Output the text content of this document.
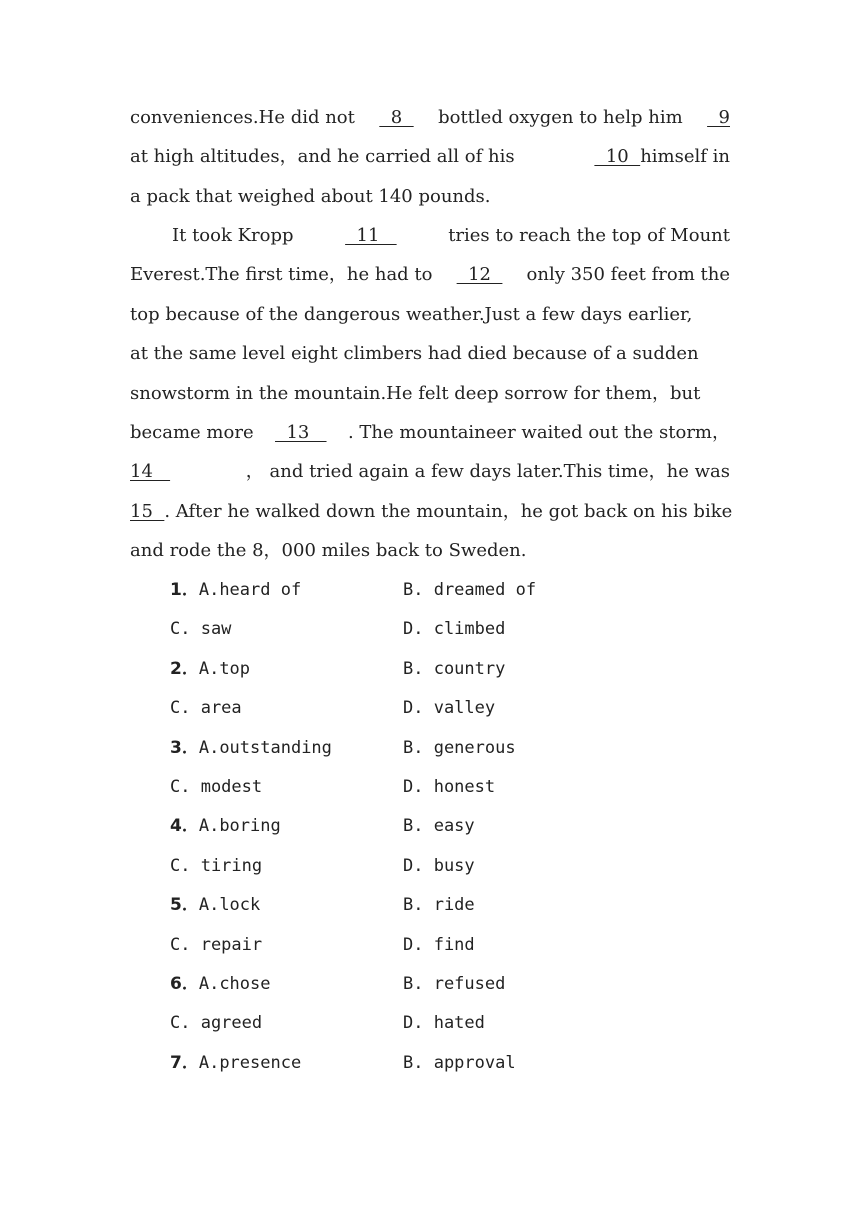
conveniences.He did not 8 bottled oxygen to help him 9
at high altitudes，and he carried all of his	10  himself in
a pack that weighed about 140 pounds.
It took Kropp	11	tries to reach the top of Mount
Everest.The first time，he had to 12 only 350 feet from the
top because of the dangerous weather.Just a few days earlier,
at the same level eight climbers had died because of a sudden
snowstorm in the mountain.He felt deep sorrow for them，but
became more 13 . The mountaineer waited out the storm，
14	， and tried again a few days later.This time，he was
15 . After he walked down the mountain，he got back on his bike
and rode the 8，000 miles back to Sweden.
1．A.heard of	B. dreamed of
C. saw	D. climbed
2．A.top	B. country
C. area	D. valley
3．A.outstanding	B. generous
C. modest	D. honest
4．A.boring	B. easy
C. tiring	D. busy
5．A.lock	B. ride
C. repair	D. find
6．A.chose	B. refused
C. agreed	D. hated
7．A.presence	B. approval
